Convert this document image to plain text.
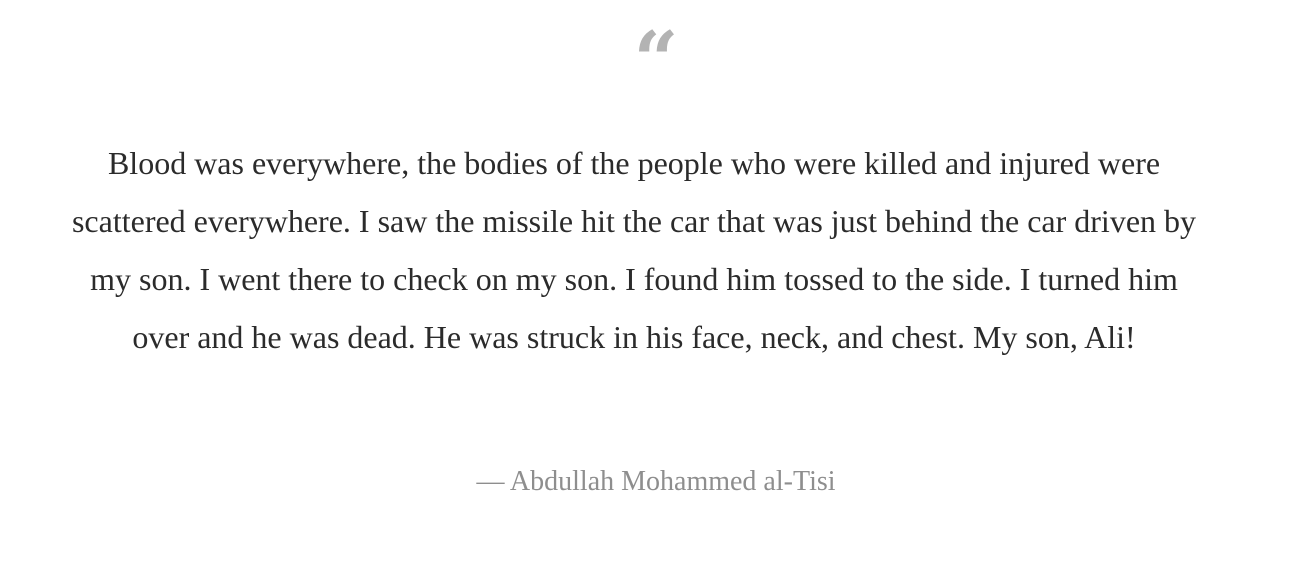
“

Blood was everywhere, the bodies of the people who were killed and injured were scattered everywhere. I saw the missile hit the car that was just behind the car driven by my son. I went there to check on my son. I found him tossed to the side. I turned him over and he was dead. He was struck in his face, neck, and chest. My son, Ali!

— Abdullah Mohammed al-Tisi
